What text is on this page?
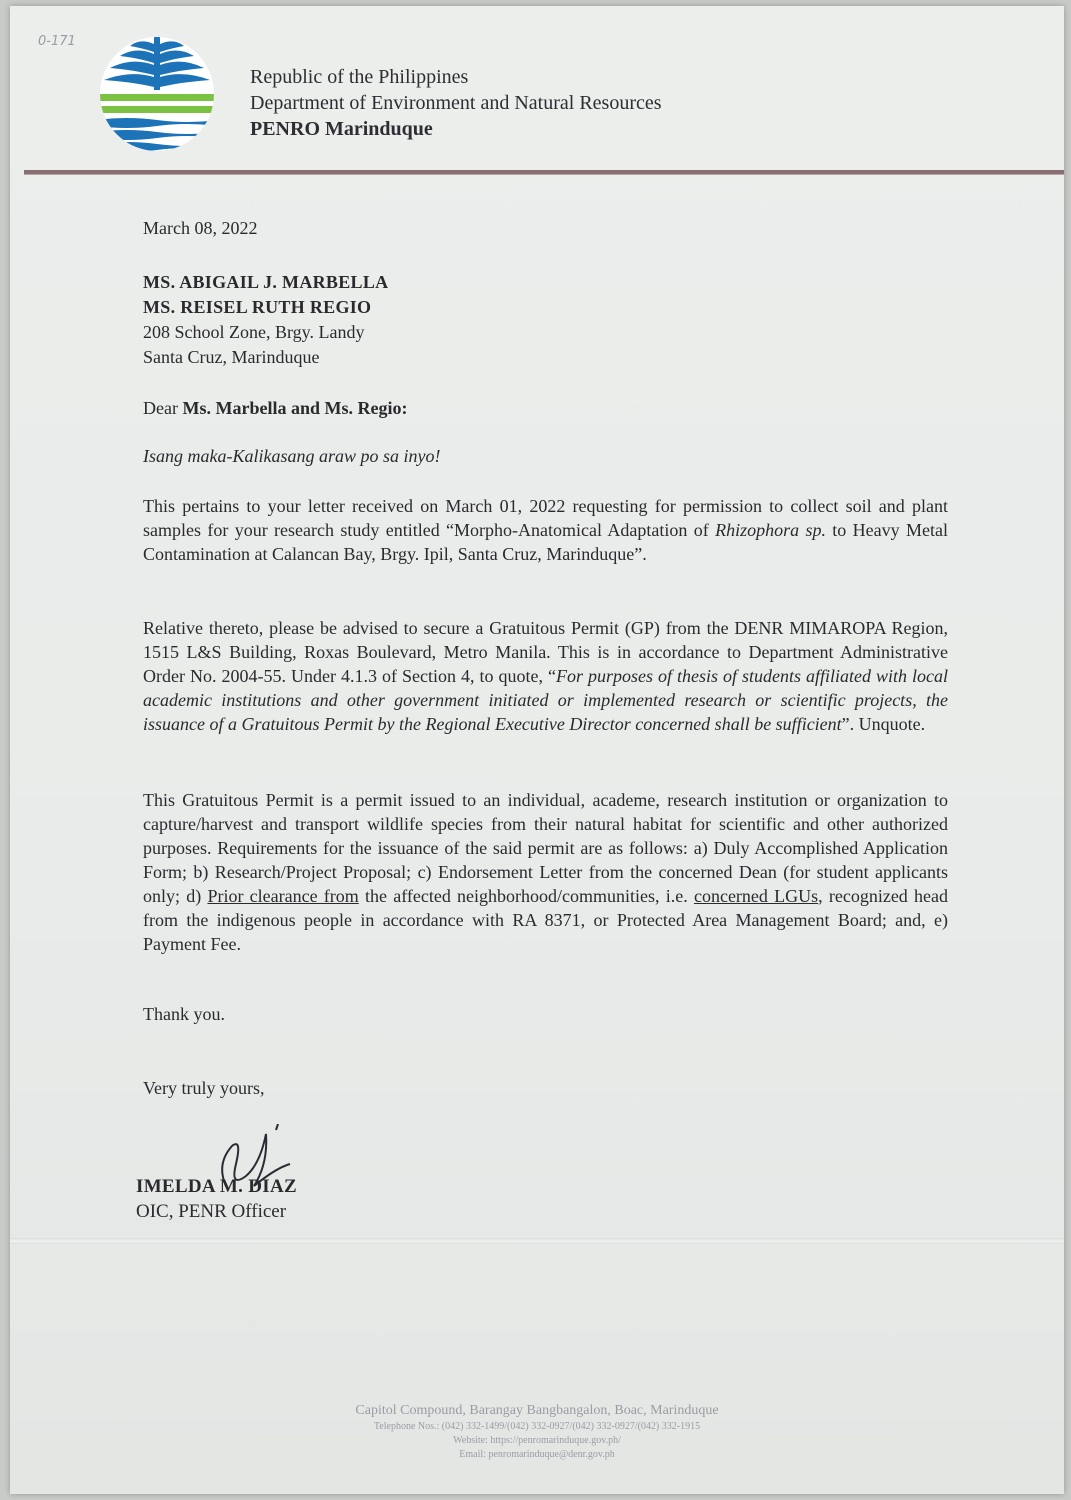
0-171
Republic of the Philippines
Department of Environment and Natural Resources
PENRO Marinduque
March 08, 2022
MS. ABIGAIL J. MARBELLA
MS. REISEL RUTH REGIO
208 School Zone, Brgy. Landy
Santa Cruz, Marinduque
Dear Ms. Marbella and Ms. Regio:
Isang maka-Kalikasang araw po sa inyo!
This pertains to your letter received on March 01, 2022 requesting for permission to collect soil and plant samples for your research study entitled “Morpho-Anatomical Adaptation of Rhizophora sp. to Heavy Metal Contamination at Calancan Bay, Brgy. Ipil, Santa Cruz, Marinduque”.
Relative thereto, please be advised to secure a Gratuitous Permit (GP) from the DENR MIMAROPA Region, 1515 L&S Building, Roxas Boulevard, Metro Manila. This is in accordance to Department Administrative Order No. 2004-55. Under 4.1.3 of Section 4, to quote, “For purposes of thesis of students affiliated with local academic institutions and other government initiated or implemented research or scientific projects, the issuance of a Gratuitous Permit by the Regional Executive Director concerned shall be sufficient”. Unquote.
This Gratuitous Permit is a permit issued to an individual, academe, research institution or organization to capture/harvest and transport wildlife species from their natural habitat for scientific and other authorized purposes. Requirements for the issuance of the said permit are as follows: a) Duly Accomplished Application Form; b) Research/Project Proposal; c) Endorsement Letter from the concerned Dean (for student applicants only; d) Prior clearance from the affected neighborhood/communities, i.e. concerned LGUs, recognized head from the indigenous people in accordance with RA 8371, or Protected Area Management Board; and, e) Payment Fee.
Thank you.
Very truly yours,
IMELDA M. DIAZ
OIC, PENR Officer
Capitol Compound, Barangay Bangbangalon, Boac, Marinduque
Telephone Nos.: (042) 332-1499/(042) 332-0927/(042) 332-0927/(042) 332-1915
Website: https://penromarinduque.gov.ph/
Email: penromarinduque@denr.gov.ph
